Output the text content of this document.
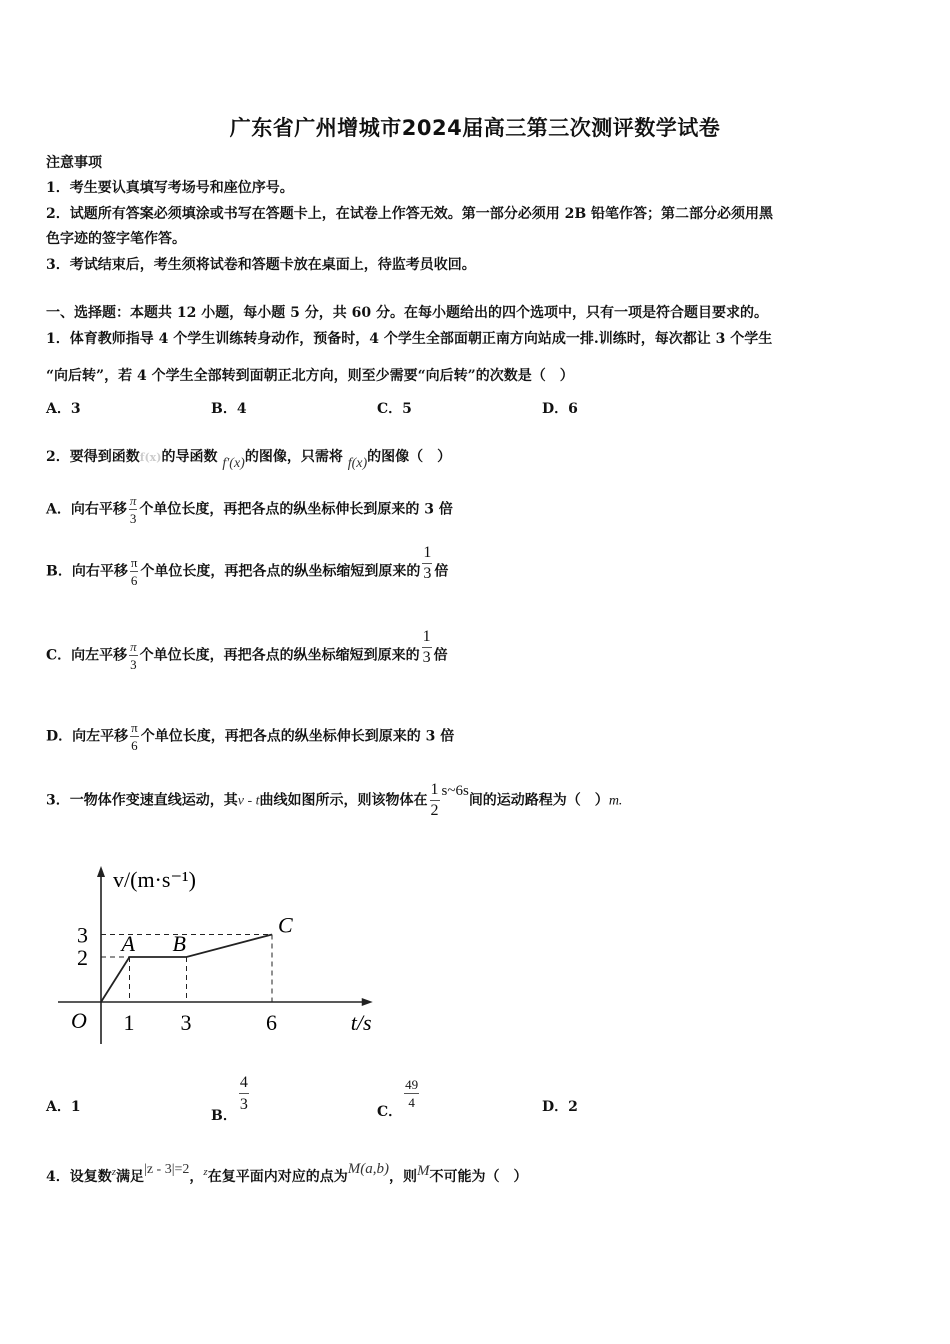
广东省广州增城市2024届高三第三次测评数学试卷
注意事项
1．考生要认真填写考场号和座位序号。
2．试题所有答案必须填涂或书写在答题卡上，在试卷上作答无效。第一部分必须用 2B 铅笔作答；第二部分必须用黑
色字迹的签字笔作答。
3．考试结束后，考生须将试卷和答题卡放在桌面上，待监考员收回。
一、选择题：本题共 12 小题，每小题 5 分，共 60 分。在每小题给出的四个选项中，只有一项是符合题目要求的。
1．体育教师指导 4 个学生训练转身动作，预备时，4 个学生全部面朝正南方向站成一排.训练时，每次都让 3 个学生
“向后转”，若 4 个学生全部转到面朝正北方向，则至少需要“向后转”的次数是（　）
A．3	B．4	C．5	D．6
2．要得到函数f(x)的导函数 f′(x)的图像，只需将 f(x)的图像（　）
A．向右平移 $\frac{\pi}{3}$ 个单位长度，再把各点的纵坐标伸长到原来的 3 倍
B．向右平移 $\frac{\pi}{6}$ 个单位长度，再把各点的纵坐标缩短到原来的 $\frac{1}{3}$ 倍
C．向左平移 $\frac{\pi}{3}$ 个单位长度，再把各点的纵坐标缩短到原来的 $\frac{1}{3}$ 倍
D．向左平移 $\frac{\pi}{6}$ 个单位长度，再把各点的纵坐标伸长到原来的 3 倍
3．一物体作变速直线运动，其v - t曲线如图所示，则该物体在 $\frac{1}{2}$ s~6s间的运动路程为（　）m.
v/(m·s⁻¹)
t/s
O
2
3
1 3	6
A B
C
A．1
B．
$\frac{4}{3}$	C．
$\frac{49}{4}$	D．2
4．设复数$^z$满足|z - 3|=2，$^z$在复平面内对应的点为M(a,b)，则M不可能为（　）
